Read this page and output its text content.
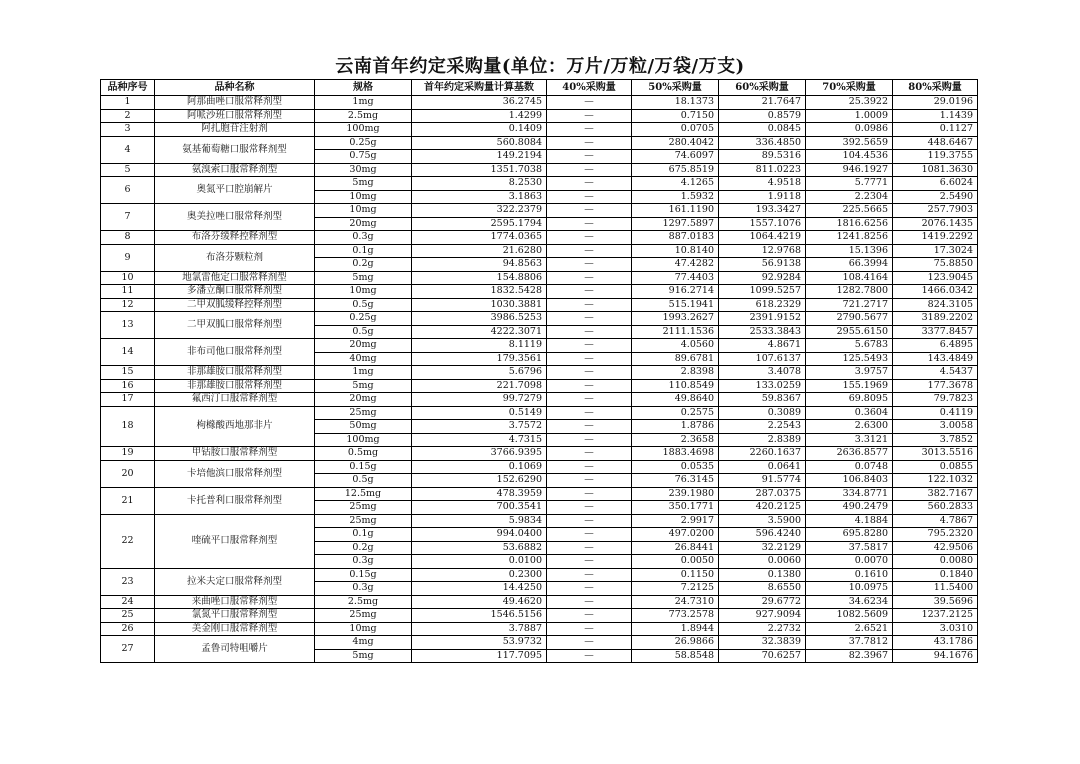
云南首年约定采购量(单位：万片/万粒/万袋/万支)
品种序号	品种名称	规格	首年约定采购量计算基数	40%采购量	50%采购量	60%采购量	70%采购量	80%采购量
1	阿那曲唑口服常释剂型	1mg	36.2745	—	18.1373	21.7647	25.3922	29.0196
2	阿哌沙班口服常释剂型	2.5mg	1.4299	—	0.7150	0.8579	1.0009	1.1439
3	阿扎胞苷注射剂	100mg	0.1409	—	0.0705	0.0845	0.0986	0.1127
4	氨基葡萄糖口服常释剂型	0.25g	560.8084	—	280.4042	336.4850	392.5659	448.6467
		0.75g	149.2194	—	74.6097	89.5316	104.4536	119.3755
5	氨溴索口服常释剂型	30mg	1351.7038	—	675.8519	811.0223	946.1927	1081.3630
6	奥氮平口腔崩解片	5mg	8.2530	—	4.1265	4.9518	5.7771	6.6024
		10mg	3.1863	—	1.5932	1.9118	2.2304	2.5490
7	奥美拉唑口服常释剂型	10mg	322.2379	—	161.1190	193.3427	225.5665	257.7903
		20mg	2595.1794	—	1297.5897	1557.1076	1816.6256	2076.1435
8	布洛芬缓释控释剂型	0.3g	1774.0365	—	887.0183	1064.4219	1241.8256	1419.2292
9	布洛芬颗粒剂	0.1g	21.6280	—	10.8140	12.9768	15.1396	17.3024
		0.2g	94.8563	—	47.4282	56.9138	66.3994	75.8850
10	地氯雷他定口服常释剂型	5mg	154.8806	—	77.4403	92.9284	108.4164	123.9045
11	多潘立酮口服常释剂型	10mg	1832.5428	—	916.2714	1099.5257	1282.7800	1466.0342
12	二甲双胍缓释控释剂型	0.5g	1030.3881	—	515.1941	618.2329	721.2717	824.3105
13	二甲双胍口服常释剂型	0.25g	3986.5253	—	1993.2627	2391.9152	2790.5677	3189.2202
		0.5g	4222.3071	—	2111.1536	2533.3843	2955.6150	3377.8457
14	非布司他口服常释剂型	20mg	8.1119	—	4.0560	4.8671	5.6783	6.4895
		40mg	179.3561	—	89.6781	107.6137	125.5493	143.4849
15	非那雄胺口服常释剂型	1mg	5.6796	—	2.8398	3.4078	3.9757	4.5437
16	非那雄胺口服常释剂型	5mg	221.7098	—	110.8549	133.0259	155.1969	177.3678
17	氟西汀口服常释剂型	20mg	99.7279	—	49.8640	59.8367	69.8095	79.7823
18	枸橼酸西地那非片	25mg	0.5149	—	0.2575	0.3089	0.3604	0.4119
		50mg	3.7572	—	1.8786	2.2543	2.6300	3.0058
		100mg	4.7315	—	2.3658	2.8389	3.3121	3.7852
19	甲钴胺口服常释剂型	0.5mg	3766.9395	—	1883.4698	2260.1637	2636.8577	3013.5516
20	卡培他滨口服常释剂型	0.15g	0.1069	—	0.0535	0.0641	0.0748	0.0855
		0.5g	152.6290	—	76.3145	91.5774	106.8403	122.1032
21	卡托普利口服常释剂型	12.5mg	478.3959	—	239.1980	287.0375	334.8771	382.7167
		25mg	700.3541	—	350.1771	420.2125	490.2479	560.2833
22	喹硫平口服常释剂型	25mg	5.9834	—	2.9917	3.5900	4.1884	4.7867
		0.1g	994.0400	—	497.0200	596.4240	695.8280	795.2320
		0.2g	53.6882	—	26.8441	32.2129	37.5817	42.9506
		0.3g	0.0100	—	0.0050	0.0060	0.0070	0.0080
23	拉米夫定口服常释剂型	0.15g	0.2300	—	0.1150	0.1380	0.1610	0.1840
		0.3g	14.4250	—	7.2125	8.6550	10.0975	11.5400
24	来曲唑口服常释剂型	2.5mg	49.4620	—	24.7310	29.6772	34.6234	39.5696
25	氯氮平口服常释剂型	25mg	1546.5156	—	773.2578	927.9094	1082.5609	1237.2125
26	美金刚口服常释剂型	10mg	3.7887	—	1.8944	2.2732	2.6521	3.0310
27	孟鲁司特咀嚼片	4mg	53.9732	—	26.9866	32.3839	37.7812	43.1786
		5mg	117.7095	—	58.8548	70.6257	82.3967	94.1676
